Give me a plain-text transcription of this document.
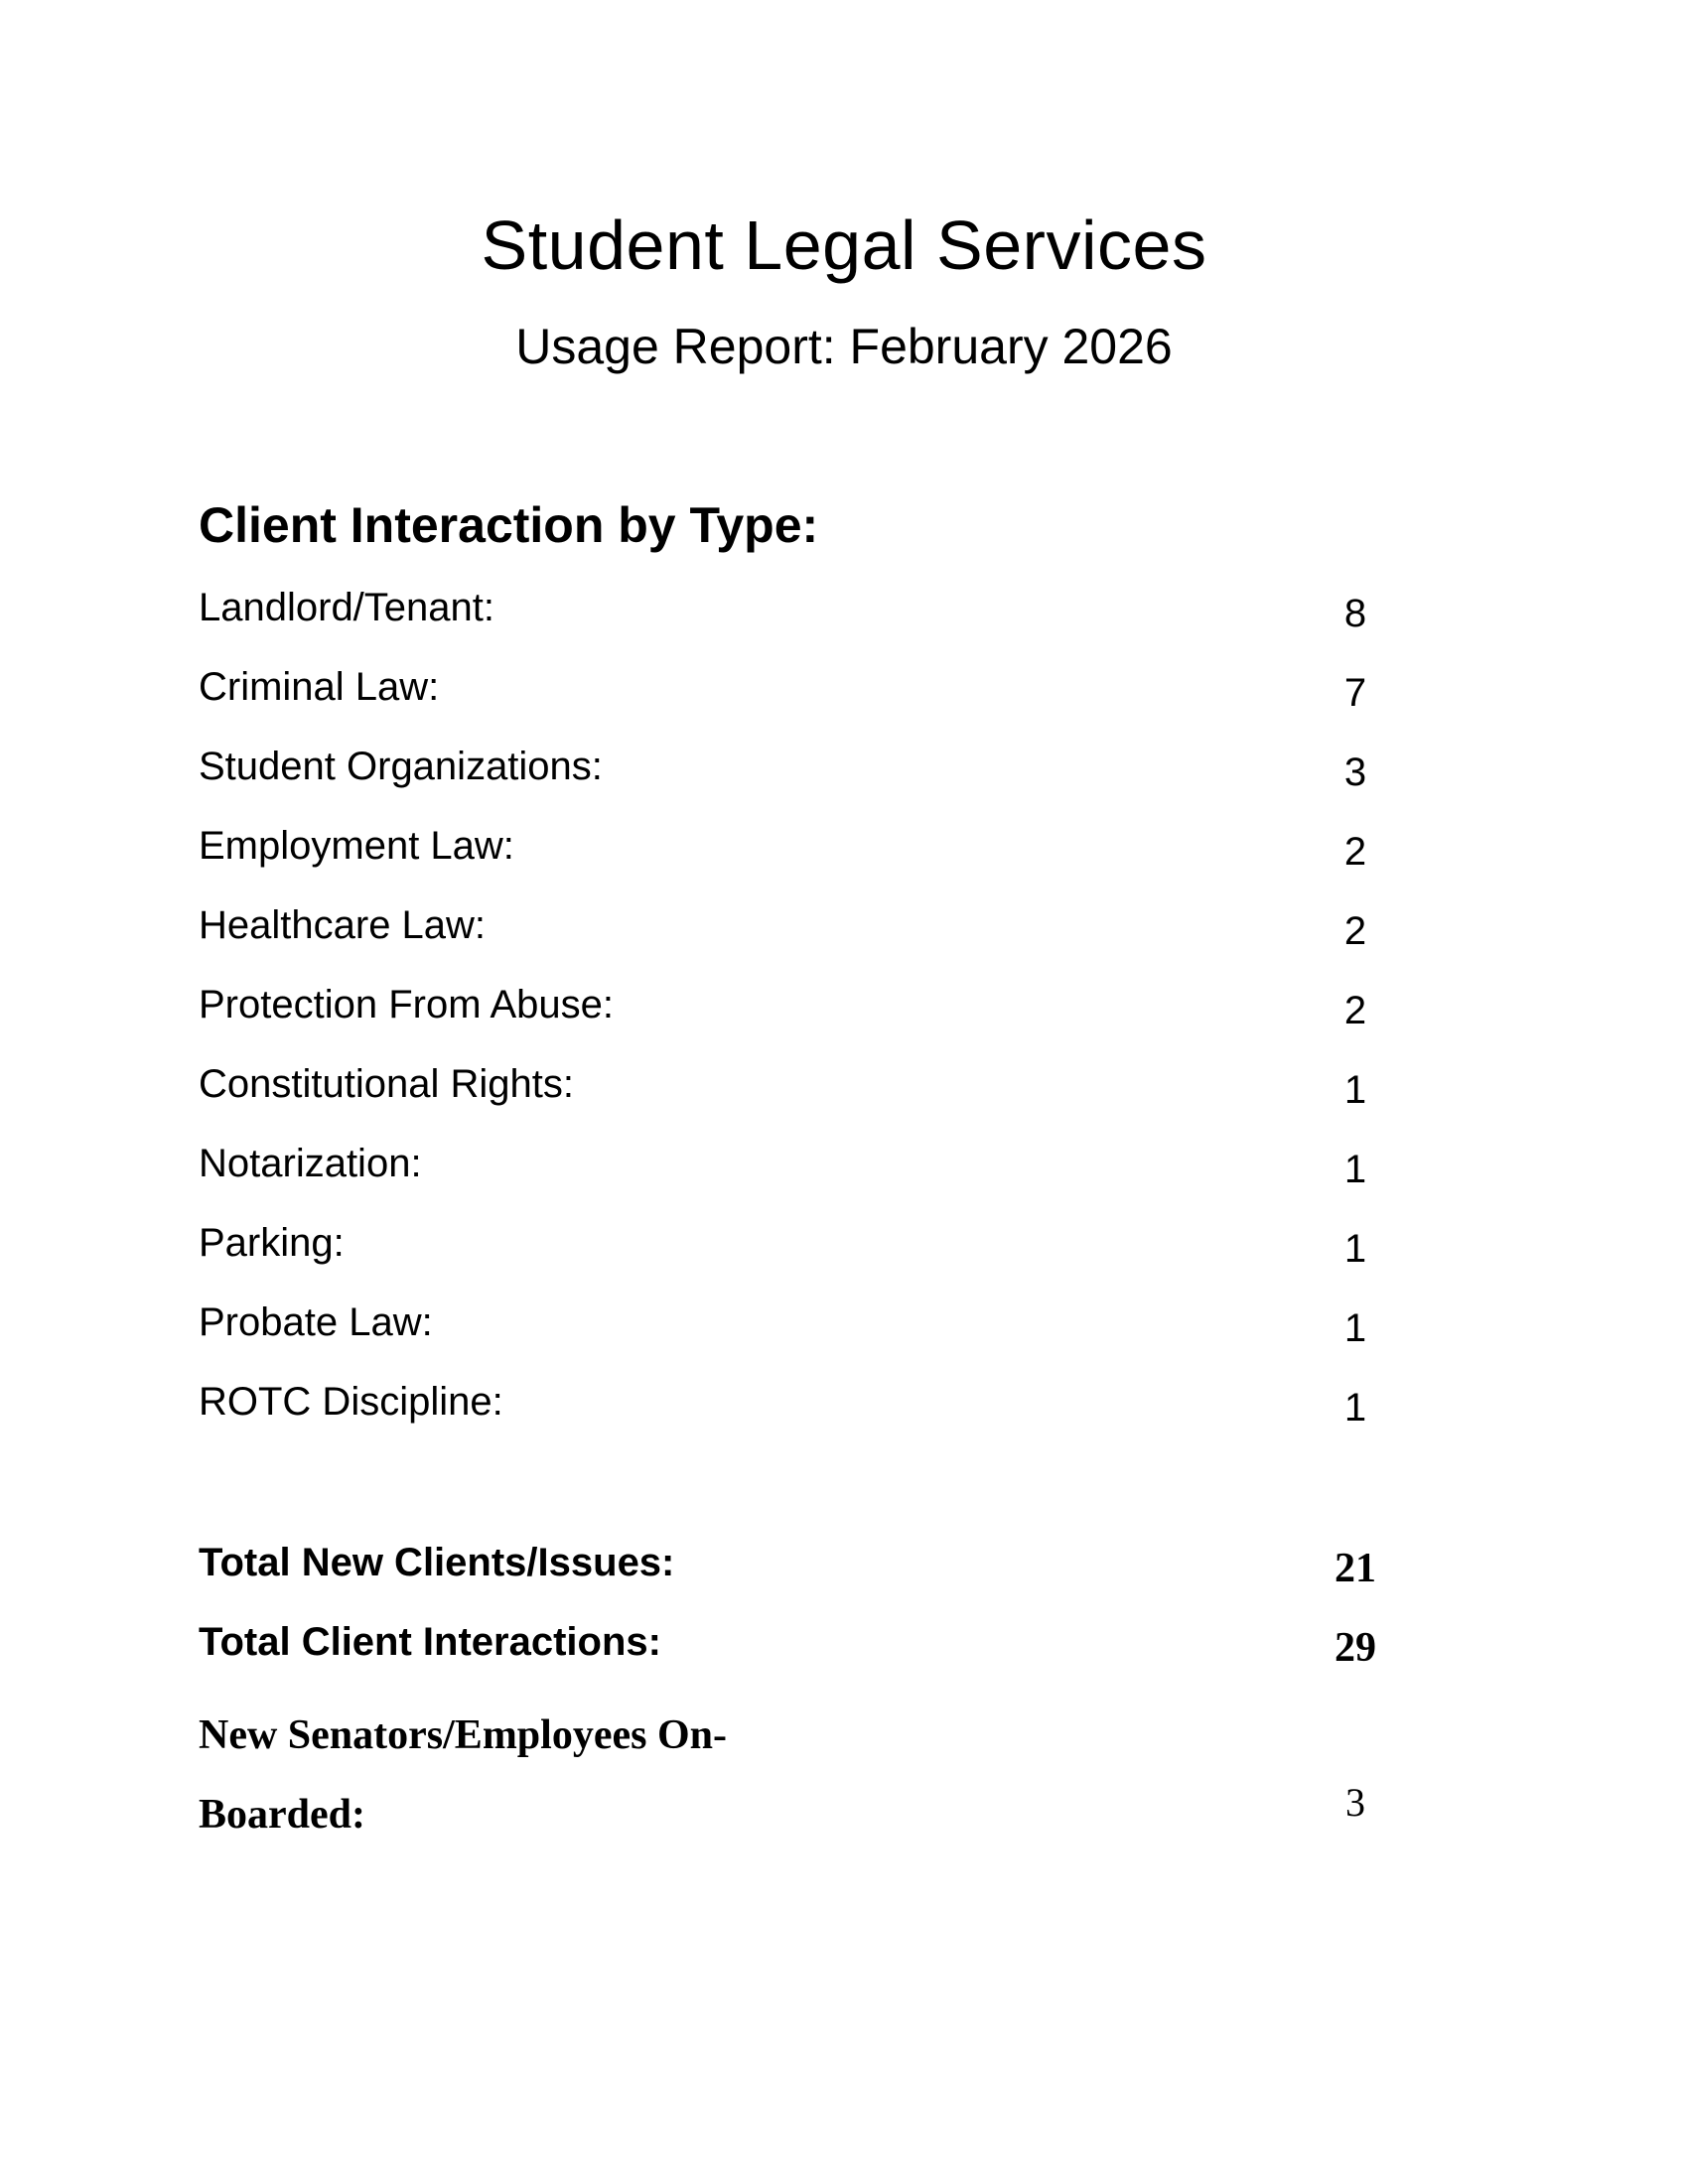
Student Legal Services
Usage Report: February 2026
Client Interaction by Type:
Landlord/Tenant:	8
Criminal Law:	7
Student Organizations:	3
Employment Law:	2
Healthcare Law:	2
Protection From Abuse:	2
Constitutional Rights:	1
Notarization:	1
Parking:	1
Probate Law:	1
ROTC Discipline:	1
Total New Clients/Issues:	21
Total Client Interactions:	29
New Senators/Employees On-Boarded:	3
